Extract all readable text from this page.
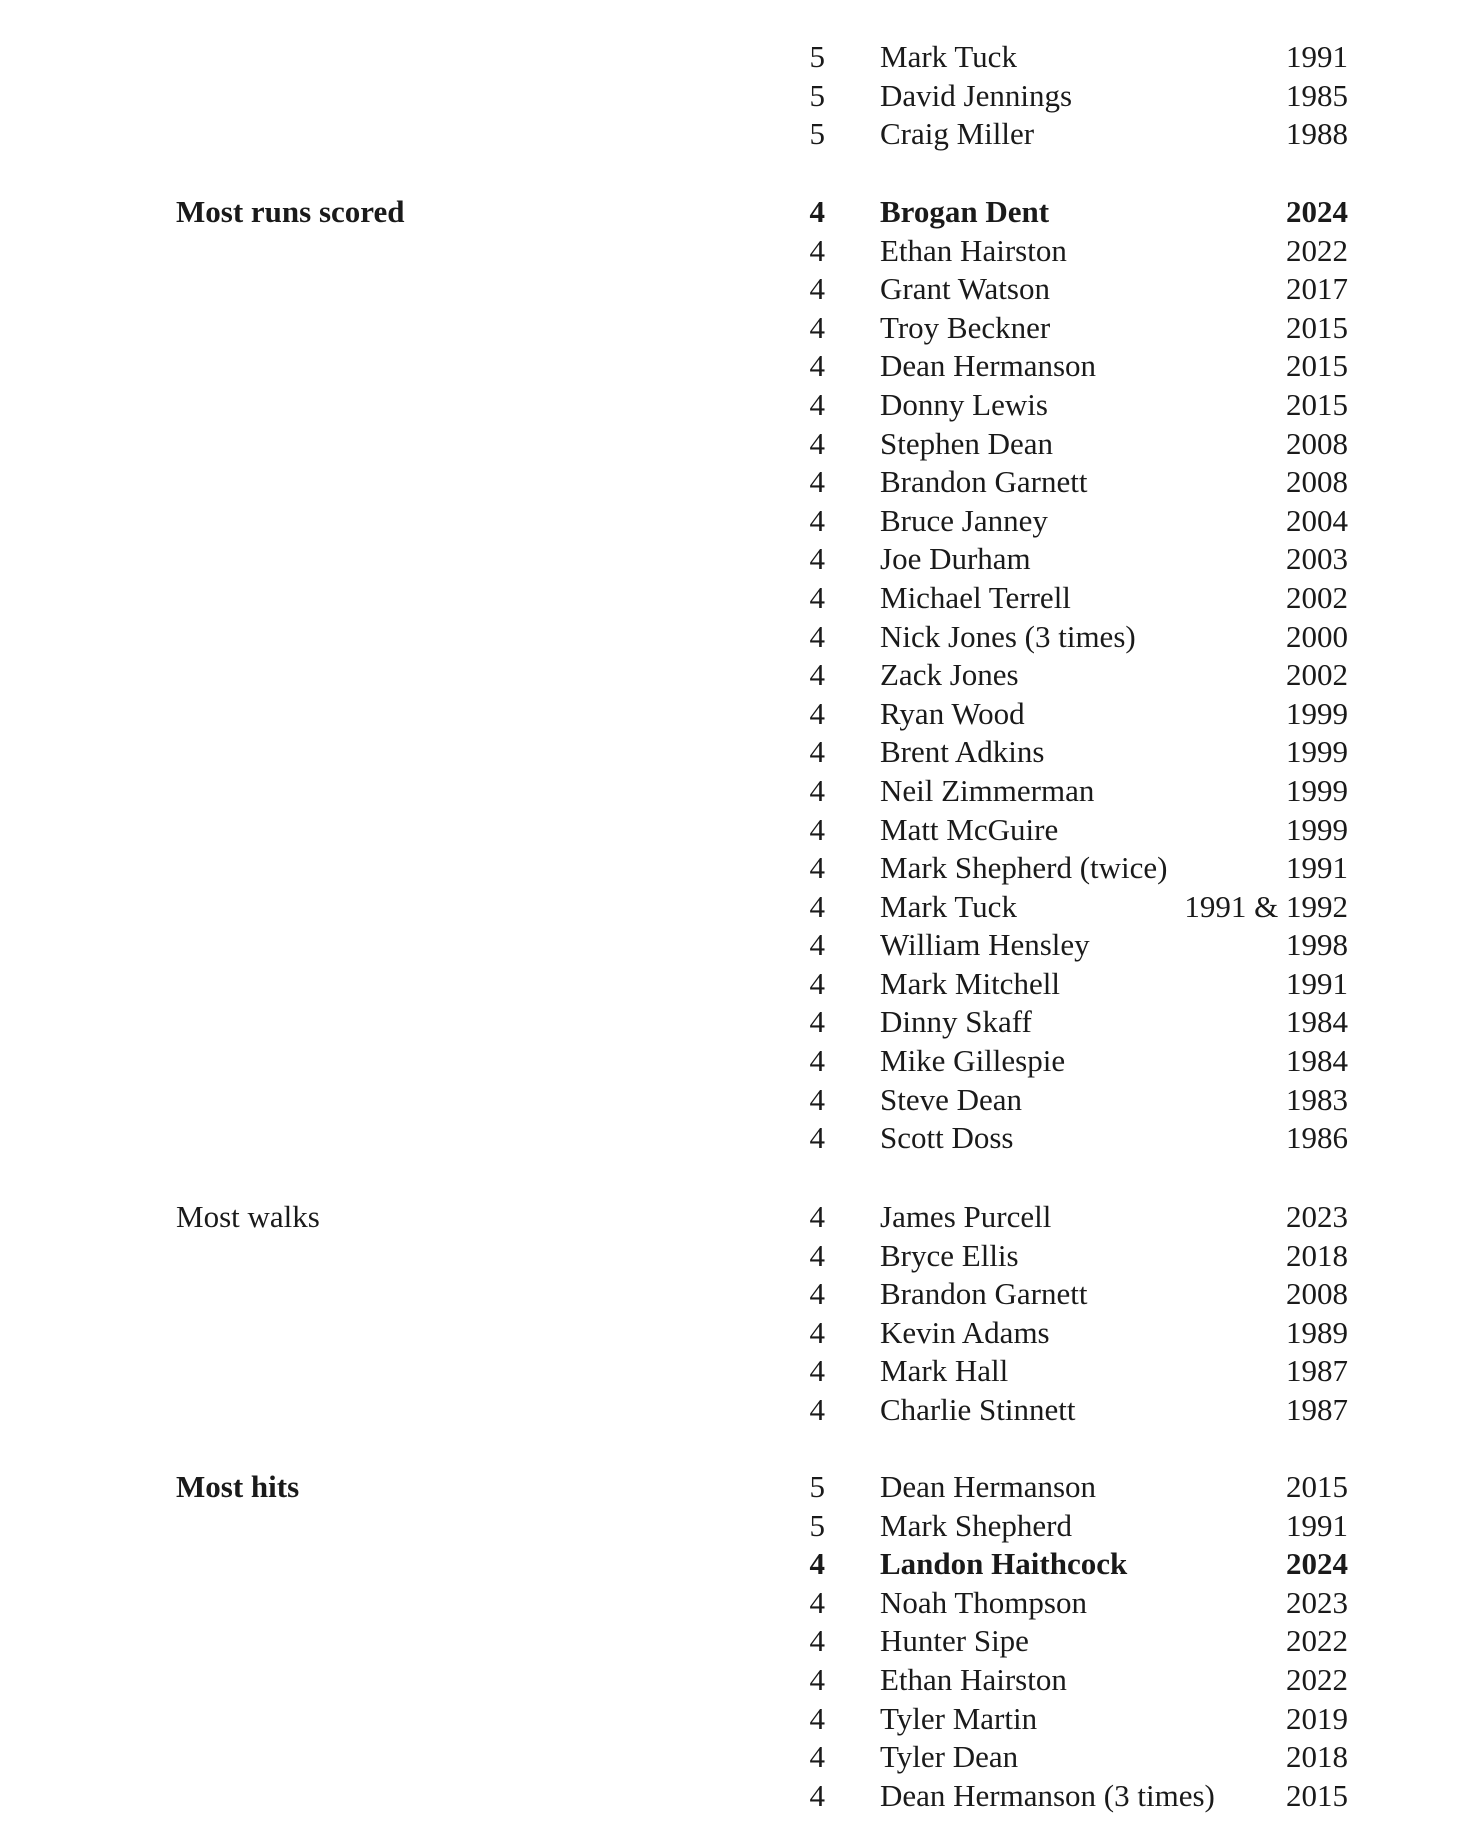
5 Mark Tuck	1991
5 David Jennings	1985
5 Craig Miller	1988
Most runs scored	4 Brogan Dent	2024
4 Ethan Hairston	2022
4 Grant Watson	2017
4 Troy Beckner	2015
4 Dean Hermanson	2015
4 Donny Lewis	2015
4 Stephen Dean	2008
4 Brandon Garnett	2008
4 Bruce Janney	2004
4 Joe Durham	2003
4 Michael Terrell	2002
4 Nick Jones (3 times)	2000
4 Zack Jones	2002
4 Ryan Wood	1999
4 Brent Adkins	1999
4 Neil Zimmerman	1999
4 Matt McGuire	1999
4 Mark Shepherd (twice)	1991
4 Mark Tuck	1991 & 1992
4 William Hensley	1998
4 Mark Mitchell	1991
4 Dinny Skaff	1984
4 Mike Gillespie	1984
4 Steve Dean	1983
4 Scott Doss	1986
Most walks	4 James Purcell	2023
4 Bryce Ellis	2018
4 Brandon Garnett	2008
4 Kevin Adams	1989
4 Mark Hall	1987
4 Charlie Stinnett	1987
Most hits	5 Dean Hermanson	2015
5 Mark Shepherd	1991
4 Landon Haithcock	2024
4 Noah Thompson	2023
4 Hunter Sipe	2022
4 Ethan Hairston	2022
4 Tyler Martin	2019
4 Tyler Dean	2018
4 Dean Hermanson (3 times) 2015
